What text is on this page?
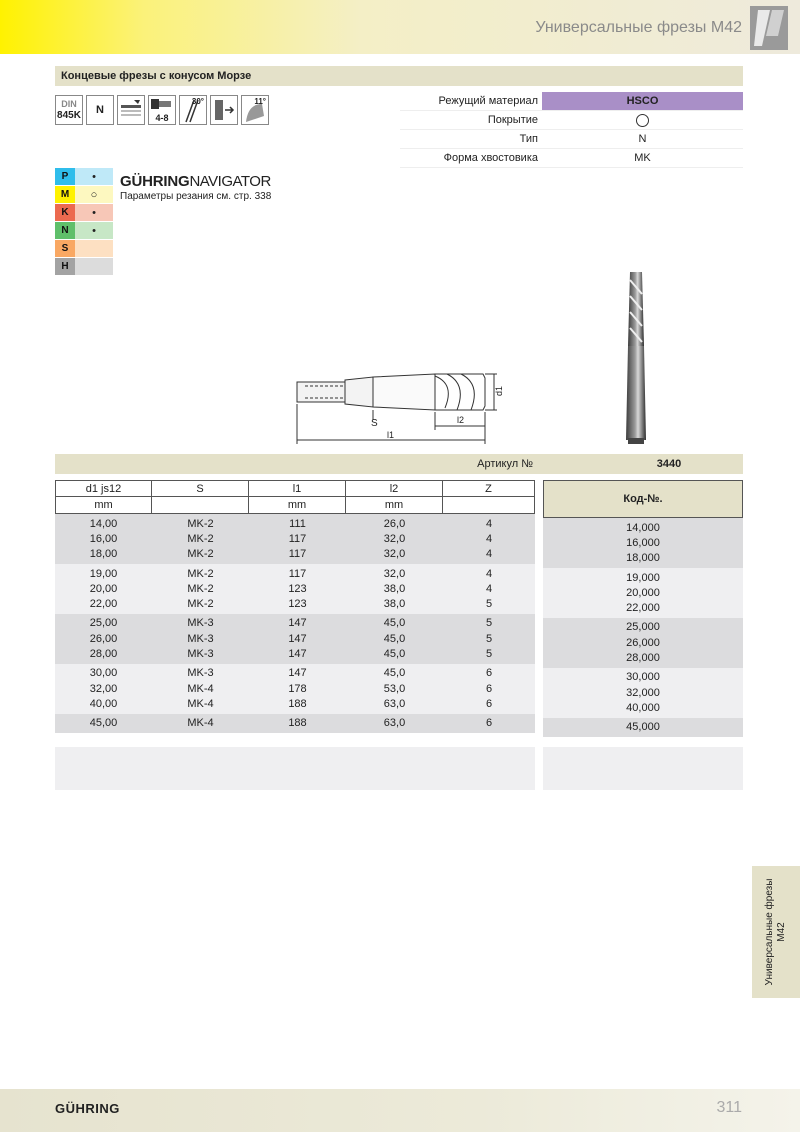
Универсальные фрезы M42
Концевые фрезы с конусом Морзе
DIN
845K N
4-8
30°	11°	Режущий материал	HSCO
Покрытие
Тип	N
Форма хвостовика	MK
P	•
M	○
K	•
N	•
S
H
GÜHRINGNAVIGATOR
Параметры резания см. стр. 338
d1
S	l2
l1
Артикул №	3440
d1 js12	S	l1	l2	Z
mm	mm	mm
14,00	MK-2	111	26,0	4
16,00	MK-2	117	32,0	4
18,00	MK-2	117	32,0	4
19,00	MK-2	117	32,0	4
20,00	MK-2	123	38,0	4
22,00	MK-2	123	38,0	5
25,00	MK-3	147	45,0	5
26,00	MK-3	147	45,0	5
28,00	MK-3	147	45,0	5
30,00	MK-3	147	45,0	6
32,00	MK-4	178	53,0	6
40,00	MK-4	188	63,0	6
45,00	MK-4	188	63,0	6
Код-№.
14,000
16,000
18,000
19,000
20,000
22,000
25,000
26,000
28,000
30,000
32,000
40,000
45,000
Универсальные фрезы M42
GÜHRING	311
